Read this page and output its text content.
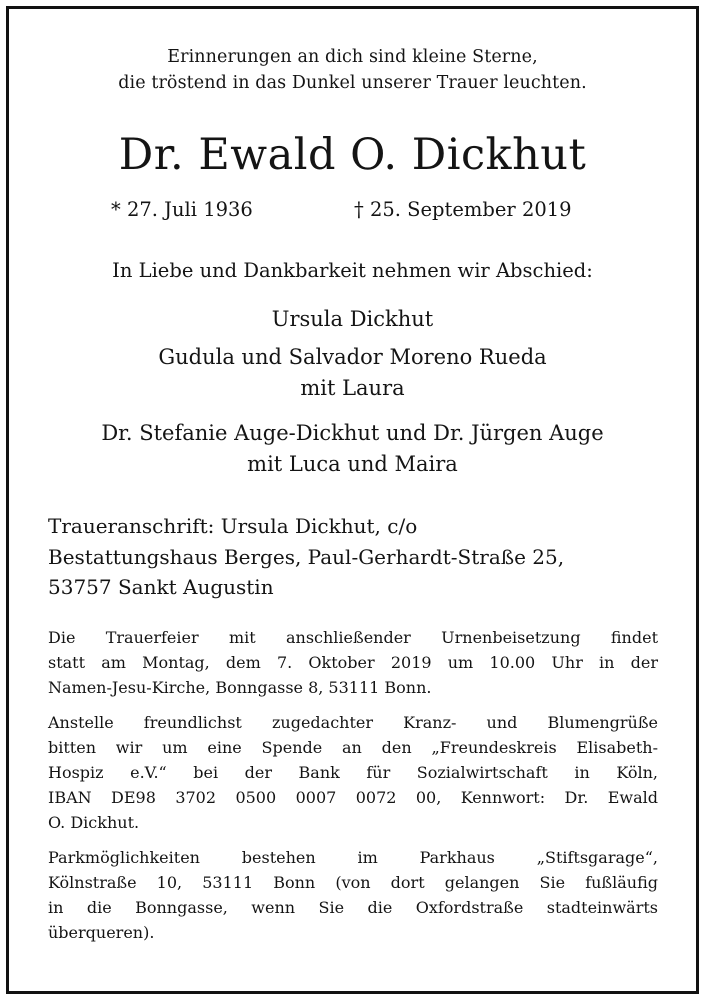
Erinnerungen an dich sind kleine Sterne,
die tröstend in das Dunkel unserer Trauer leuchten.

Dr. Ewald O. Dickhut
* 27. Juli 1936	† 25. September 2019

In Liebe und Dankbarkeit nehmen wir Abschied:

Ursula Dickhut

Gudula und Salvador Moreno Rueda
mit Laura

Dr. Stefanie Auge-Dickhut und Dr. Jürgen Auge
mit Luca und Maira

Traueranschrift: Ursula Dickhut, c/o
Bestattungshaus Berges, Paul-Gerhardt-Straße 25,
53757 Sankt Augustin

Die Trauerfeier mit anschließender Urnenbeisetzung findet
statt am Montag, dem 7. Oktober 2019 um 10.00 Uhr in der
Namen-Jesu-Kirche, Bonngasse 8, 53111 Bonn.

Anstelle freundlichst zugedachter Kranz- und Blumengrüße
bitten wir um eine Spende an den „Freundeskreis Elisabeth-
Hospiz e.V.“ bei der Bank für Sozialwirtschaft in Köln,
IBAN DE98 3702 0500 0007 0072 00, Kennwort: Dr. Ewald
O. Dickhut.

Parkmöglichkeiten bestehen im Parkhaus „Stiftsgarage“,
Kölnstraße 10, 53111 Bonn (von dort gelangen Sie fußläufig
in die Bonngasse, wenn Sie die Oxfordstraße stadteinwärts
überqueren).
